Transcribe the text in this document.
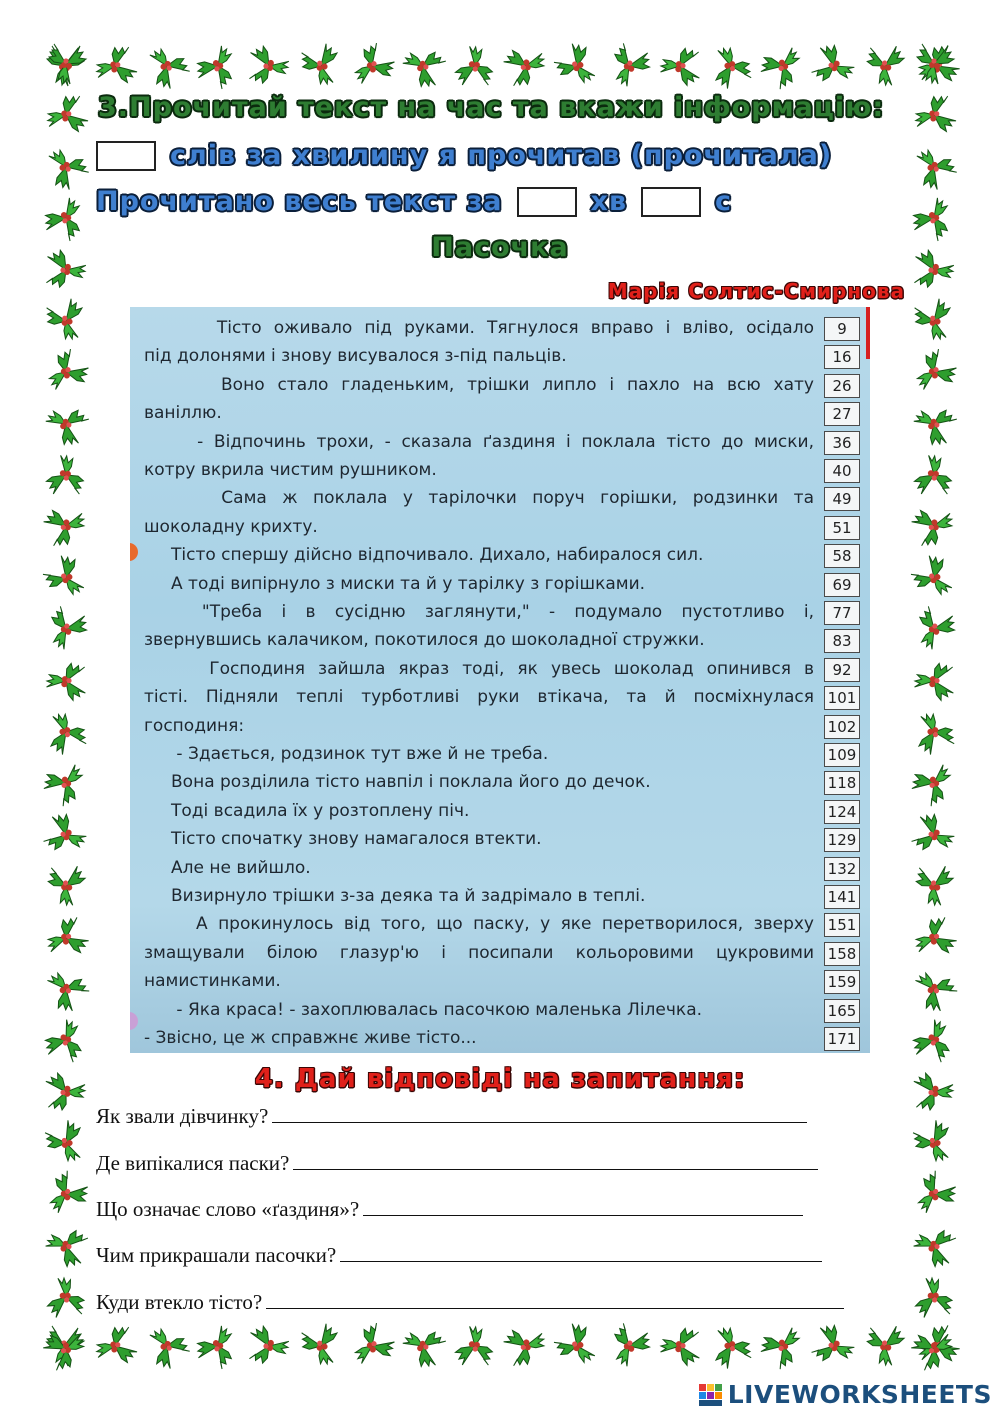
3.Прочитай текст на час та вкажи інформацію:
слів за хвилину я прочитав (прочитала)
Прочитано весь текст за	хв	с
Пасочка
Марія Солтис-Смирнова
Тісто оживало під руками. Тягнулося вправо і вліво, осідало	9
під долонями і знову висувалося з-під пальців.	16
Воно стало гладеньким, трішки липло і пахло на всю хату	26
ваніллю.	27
- Відпочинь трохи, - сказала ґаздиня і поклала тісто до миски,	36
котру вкрила чистим рушником.	40
Сама ж поклала у тарілочки поруч горішки, родзинки та	49
шоколадну крихту.	51
Тісто спершу дійсно відпочивало. Дихало, набиралося сил.	58
А тоді випірнуло з миски та й у тарілку з горішками.	69
"Треба і в сусідню заглянути," - подумало пустотливо і,	77
звернувшись калачиком, покотилося до шоколадної стружки.	83
Господиня зайшла якраз тоді, як увесь шоколад опинився в	92
тісті. Підняли теплі турботливі руки втікача, та й посміхнулася 101
господиня:	102
- Здається, родзинок тут вже й не треба.	109
Вона розділила тісто навпіл і поклала його до дечок.	118
Тоді всадила їх у розтоплену піч.	124
Тісто спочатку знову намагалося втекти.	129
Але не вийшло.	132
Визирнуло трішки з-за деяка та й задрімало в теплі.	141
А прокинулось від того, що паску, у яке перетворилося, зверху 151
змащували білою глазур'ю і посипали кольоровими цукровими 158
намистинками.	159
- Яка краса! - захоплювалась пасочкою маленька Лілечка.	165
- Звісно, це ж справжнє живе тісто...	171
4. Дай відповіді на запитання:
Як звали дівчинку?
Де випікалися паски?
Що означає слово «ґаздиня»?
Чим прикрашали пасочки?
Куди втекло тісто?
LIVEWORKSHEETS
